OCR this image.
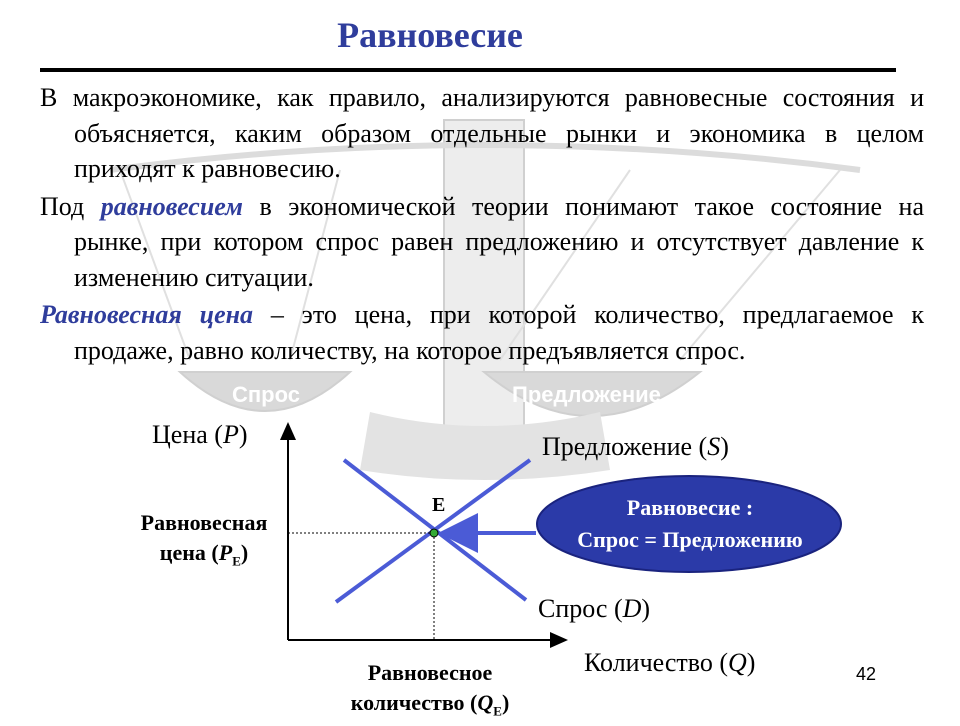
Спрос	Предложение
Равновесие

В макроэкономике, как правило, анализируются равновесные состояния и объясняется, каким образом отдельные рынки и экономика в целом приходят к равновесию.

Под равновесием в экономической теории понимают такое состояние на рынке, при котором спрос равен предложению и отсутствует давление к изменению ситуации.

Равновесная цена – это цена, при которой количество, предлагаемое к продаже, равно количеству, на которое предъявляется спрос.

Цена (P)	Предложение (S)
Спрос (D)
Количество (Q)
E
Равновесная
цена $(P_E)$
Равновесное
количество $(Q_E)$
Равновесие :
Спрос = Предложению
42
